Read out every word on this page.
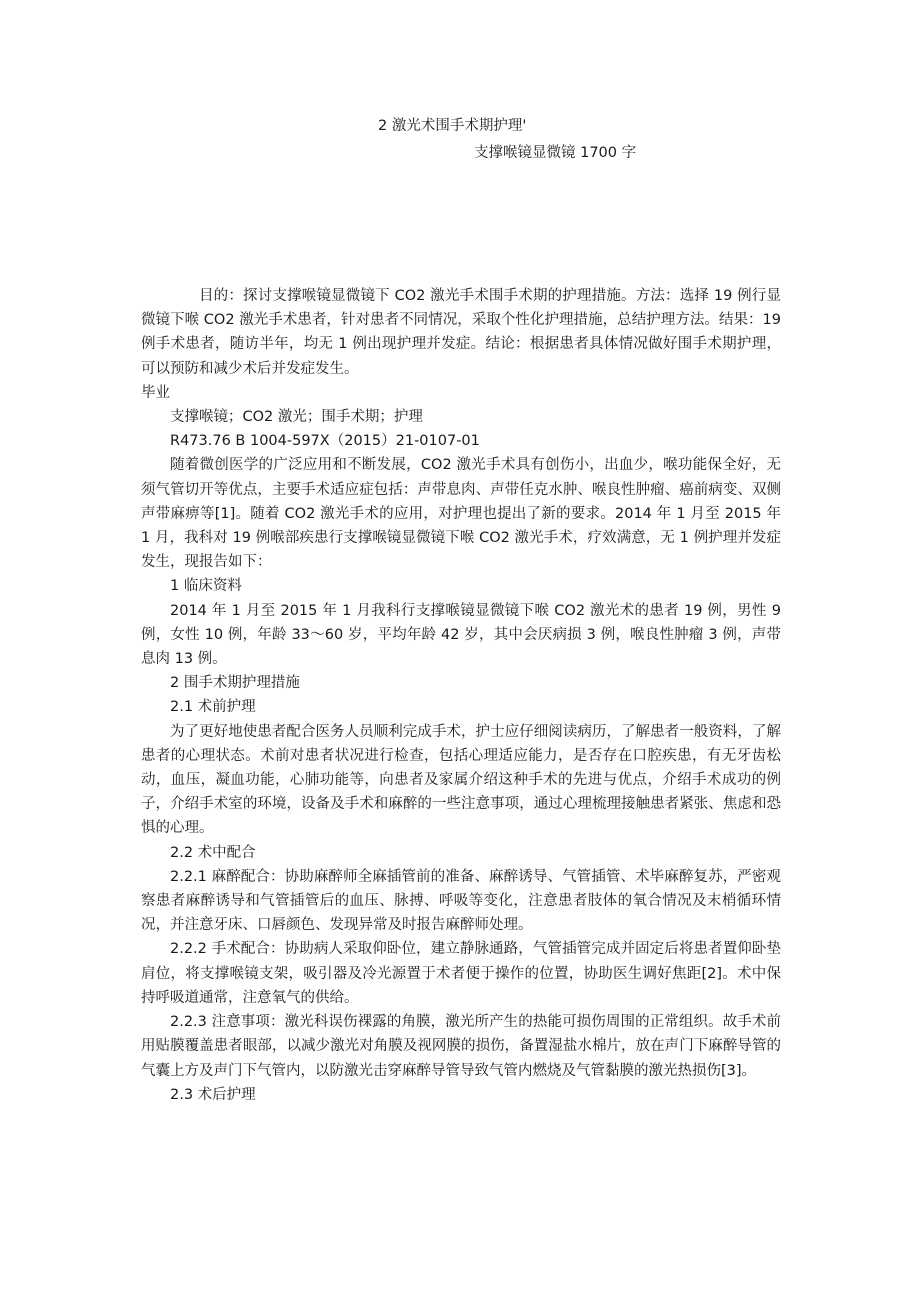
2 激光术围手术期护理'
支撑喉镜显微镜 1700 字

目的：探讨支撑喉镜显微镜下 CO2 激光手术围手术期的护理措施。方法：选择 19 例行显微镜下喉 CO2 激光手术患者，针对患者不同情况，采取个性化护理措施，总结护理方法。结果：19 例手术患者，随访半年，均无 1 例出现护理并发症。结论：根据患者具体情况做好围手术期护理，可以预防和减少术后并发症发生。

毕业

支撑喉镜；CO2 激光；围手术期；护理

R473.76 B 1004-597X（2015）21-0107-01

随着微创医学的广泛应用和不断发展，CO2 激光手术具有创伤小，出血少，喉功能保全好，无须气管切开等优点，主要手术适应症包括：声带息肉、声带任克水肿、喉良性肿瘤、癌前病变、双侧声带麻痹等[1]。随着 CO2 激光手术的应用，对护理也提出了新的要求。2014 年 1 月至 2015 年 1 月，我科对 19 例喉部疾患行支撑喉镜显微镜下喉 CO2 激光手术，疗效满意，无 1 例护理并发症发生，现报告如下：

1 临床资料

2014 年 1 月至 2015 年 1 月我科行支撑喉镜显微镜下喉 CO2 激光术的患者 19 例，男性 9 例，女性 10 例，年龄 33～60 岁，平均年龄 42 岁，其中会厌病损 3 例，喉良性肿瘤 3 例，声带息肉 13 例。

2 围手术期护理措施

2.1 术前护理

为了更好地使患者配合医务人员顺利完成手术，护士应仔细阅读病历，了解患者一般资料，了解患者的心理状态。术前对患者状况进行检查，包括心理适应能力，是否存在口腔疾患，有无牙齿松动，血压，凝血功能，心肺功能等，向患者及家属介绍这种手术的先进与优点，介绍手术成功的例子，介绍手术室的环境，设备及手术和麻醉的一些注意事项，通过心理梳理接触患者紧张、焦虑和恐惧的心理。

2.2 术中配合

2.2.1 麻醉配合：协助麻醉师全麻插管前的准备、麻醉诱导、气管插管、术毕麻醉复苏，严密观察患者麻醉诱导和气管插管后的血压、脉搏、呼吸等变化，注意患者肢体的氧合情况及末梢循环情况，并注意牙床、口唇颜色、发现异常及时报告麻醉师处理。

2.2.2 手术配合：协助病人采取仰卧位，建立静脉通路，气管插管完成并固定后将患者置仰卧垫肩位，将支撑喉镜支架，吸引器及冷光源置于术者便于操作的位置，协助医生调好焦距[2]。术中保持呼吸道通常，注意氧气的供给。

2.2.3 注意事项：激光科误伤裸露的角膜，激光所产生的热能可损伤周围的正常组织。故手术前用贴膜覆盖患者眼部，以减少激光对角膜及视网膜的损伤，备置湿盐水棉片，放在声门下麻醉导管的气囊上方及声门下气管内，以防激光击穿麻醉导管导致气管内燃烧及气管黏膜的激光热损伤[3]。

2.3 术后护理
